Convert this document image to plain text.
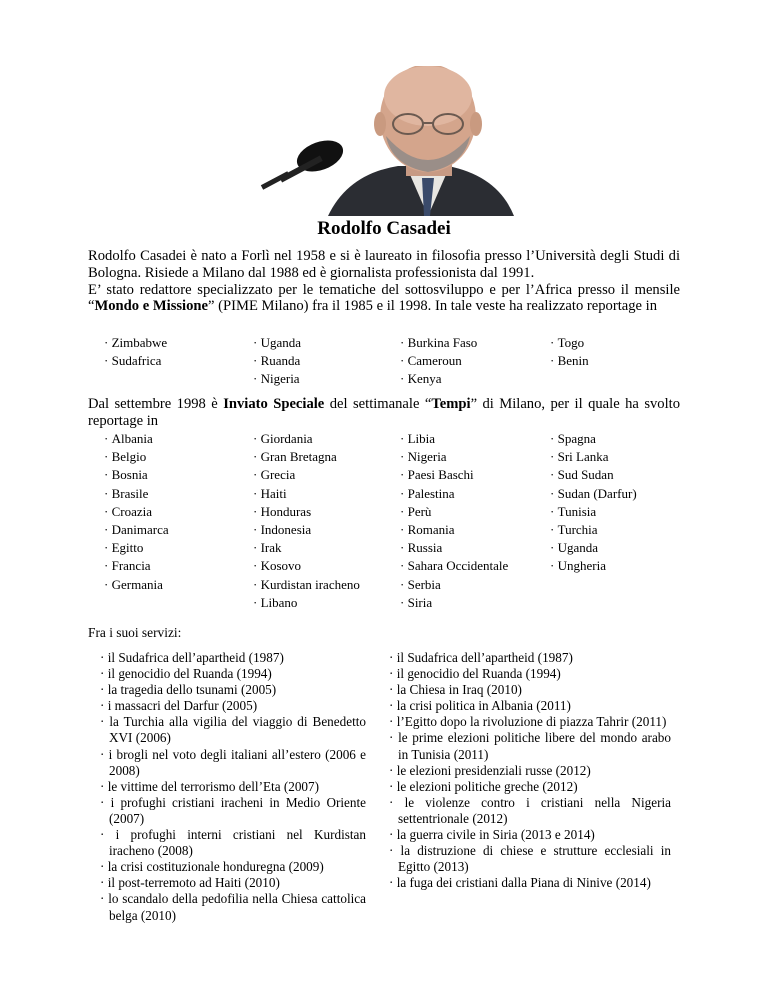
Rodolfo Casadei
Rodolfo Casadei è nato a Forlì nel 1958 e si è laureato in filosofia presso l’Università degli Studi di Bologna. Risiede a Milano dal 1988 ed è giornalista professionista dal 1991.
E’ stato redattore specializzato per le tematiche del sottosviluppo e per l’Africa presso il mensile “Mondo e Missione” (PIME Milano) fra il 1985 e il 1998. In tale veste ha realizzato reportage in
· Zimbabwe
· Sudafrica
· Uganda
· Ruanda
· Nigeria
· Burkina Faso
· Cameroun
· Kenya
· Togo
· Benin
Dal settembre 1998 è Inviato Speciale del settimanale “Tempi” di Milano, per il quale ha svolto reportage in
· Albania
· Belgio
· Bosnia
· Brasile
· Croazia
· Danimarca
· Egitto
· Francia
· Germania
· Giordania
· Gran Bretagna
· Grecia
· Haiti
· Honduras
· Indonesia
· Irak
· Kosovo
· Kurdistan iracheno
· Libano
· Libia
· Nigeria
· Paesi Baschi
· Palestina
· Perù
· Romania
· Russia
· Sahara Occidentale
· Serbia
· Siria
· Spagna
· Sri Lanka
· Sud Sudan
· Sudan (Darfur)
· Tunisia
· Turchia
· Uganda
· Ungheria
Fra i suoi servizi:
· il Sudafrica dell’apartheid (1987)
· il genocidio del Ruanda (1994)
· la tragedia dello tsunami (2005)
· i massacri del Darfur (2005)
· la Turchia alla vigilia del viaggio di Benedetto XVI (2006)
· i brogli nel voto degli italiani all’estero (2006 e 2008)
· le vittime del terrorismo dell’Eta (2007)
· i profughi cristiani iracheni in Medio Oriente (2007)
· i profughi interni cristiani nel Kurdistan iracheno (2008)
· la crisi costituzionale honduregna (2009)
· il post-terremoto ad Haiti (2010)
· lo scandalo della pedofilia nella Chiesa cattolica belga (2010)
· il Sudafrica dell’apartheid (1987)
· il genocidio del Ruanda (1994)
· la Chiesa in Iraq (2010)
· la crisi politica in Albania (2011)
· l’Egitto dopo la rivoluzione di piazza Tahrir (2011)
· le prime elezioni politiche libere del mondo arabo in Tunisia (2011)
· le elezioni presidenziali russe (2012)
· le elezioni politiche greche (2012)
· le violenze contro i cristiani nella Nigeria settentrionale (2012)
· la guerra civile in Siria (2013 e 2014)
· la distruzione di chiese e strutture ecclesiali in Egitto (2013)
· la fuga dei cristiani dalla Piana di Ninive (2014)
